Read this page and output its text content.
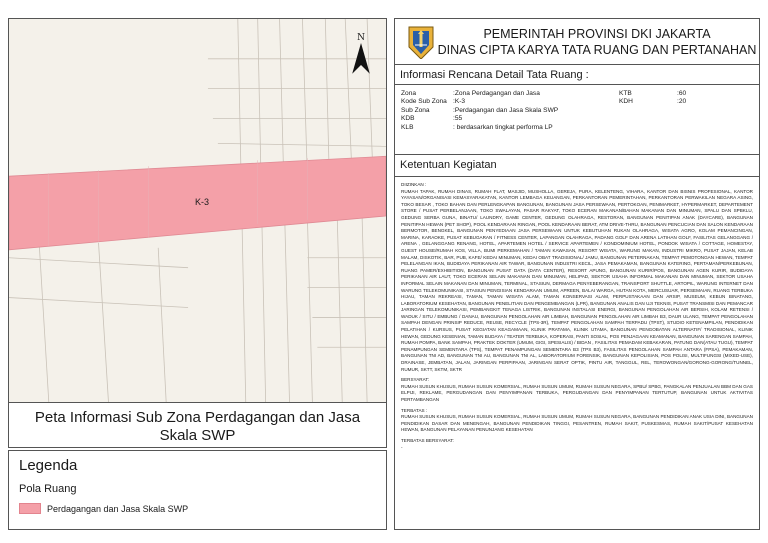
N
K-3
Peta Informasi Sub Zona Perdagangan dan Jasa Skala SWP
Legenda
Pola Ruang
Perdagangan dan Jasa Skala SWP
PEMERINTAH PROVINSI DKI JAKARTA
DINAS CIPTA KARYA TATA RUANG DAN PERTANAHAN
Informasi Rencana Detail Tata Ruang :
Zona	:Zona Perdagangan dan Jasa
Kode Sub Zona :K-3
Sub Zona	:Perdagangan dan Jasa Skala SWP
KDB	:55
KLB	: berdasarkan tingkat performa LP
KTB	:60
KDH	:20
Ketentuan Kegiatan

DIIZINKAN :

RUMAH TAPAK, RUMAH DINAS, RUMAH FLAT, MASJID, MUSHOLLA, GEREJA, PURA, KELENTENG, VIHARA, KANTOR DAN BISNIS PROFESIONAL, KANTOR YAYASAN/ORGANISASI KEMASYARAKATAN, KANTOR LEMBAGA KEUANGAN, PERKANTORAN PEMERINTAHAN, PERKANTORAN PERWAKILAN NEGARA ASING, TOKO BESAR , TOKO BAHAN DAN PERLENGKAPAN BANGUNAN, BANGUNAN JASA PERSEWAAN, PERTOKOAN, PENIMARKET, HYPERMARKET, DEPARTEMENT STORE / PUSAT PERBELANJAAN, TOKO SWALAYAN, PASAR RAKYAT, TOKO ECERAN MAKANAN/BAHAN MAKANAN DAN MINUMAN, SPALU DAN SPBKLU, GEDUNG SERBA GUNA, BINATU/ LAUNDRY, GAME CENTER, GEDUNG OLAHRAGA, RESTORAN, BANGUNAN PENITIPAN ANAK (DAYCARE), BANGUNAN PENITIPAN HEWAN (PET SHOP), POOL KENDARAAN RINGAN, POOL KENDARAAN BERAT, ATM DRIVE-THRU, BANGUNAN PENCUCIAN DAN SALON KENDARAAN BERMOTOR, BENGKEL, BANGUNAN PENYEDIAAN JASA PERSEWAAN UNTUK KEBUTUHAN RUKAN OLAHRAGA, WISATA AGRO, KOLAM PEMANCINGAN, MARINA, KARAOKE, PUSAT KEBUGARAN / FITNESS CENTER, LAPANGAN OLAHRAGA, PADANG GOLF DAN ARENA LATIHAN GOLF, FASILITAS GELANGGANG / ARENA , GELANGGANG RENANG, HOTEL, APARTEMEN HOTEL / SERVICE APARTEMEN / KONDOMINIUM HOTEL, PONDOK WISATA / COTTAGE, HOMESTAY, GUEST HOUSE/RUMAH KOS, VILLA, BUMI PERKEMAHAN / TAMAN KAWASAN, RESORT WISATA, WARUNG MAKAN, INDUSTRI MIKRO, PUSAT JAJAN, KELAB MALAM, DISKOTIK, BAR, PUB, KAFE/ KEDAI MINUMAN, KEDAI OBAT TRADISIONAL/ JAMU, BANGUNAN PETERNAKAN, TEMPAT PEMOTONGAN HEWAN, TEMPAT PELELANGAN IKAN, BUDIDAYA PERIKANAN AIR TAWAR, BANGUNAN INDUSTRI KECIL, JASA PEMAKAMAN, BANGUNAN KATERING, PERTAMAN/PERKEBUNAN, RUANG PAMER/EXHIBITION, BANGUNAN PUSAT DATA (DATA CENTER), RESORT APUNG, BANGUNAN KURIR/POS, BANGUNAN AGEN KURIR, BUDIDAYA PERIKANAN AIR LAUT, TOKO ECERAN SELAIN MAKANAN DAN MINUMAN, HELIPAD, SEKTOR USAHA INFORMAL MAKANAN DAN MINUMAN, SEKTOR USAHA INFORMAL SELAIN MAKANAN DAN MINUMAN, TERMINAL, STASIUN, DERMAGA PENYEBERANGAN, TRANSPORT SHUTTLE, ARTOPIL, WARUNG INTERNET DAN WARUNG TELEKOMUNIKASI, STASIUN PENGISIAN KENDARAAN UMUM, APREEN, BALAI WARGA, HUTAN KOTA, MERCUSUAR, PERSEMAIAN, RUANG TERBUKA HIJAU, TAMAN REKREASI, TAMAN, TAMAN WISATA ALAM, TAMAN KONSERVASI ALAM, PERPUSTAKAAN DAN ARSIP, MUSEUM, KEBUN BINATANG, LABORATORIUM KESEHATAN, BANGUNAN PENELITIAN DAN PENGEMBANGAN (LPR), BANGUNAN ANALIS DAN UJI TEKNIS, PUSAT TRANSMISI DAN PEMANCAR JARINGAN TELEKOMUNIKASI, PEMBANGKIT TENAGA LISTRIK, BANGUNAN INSTALASI ENERGI, BANGUNAN PENGOLAHAN AIR BERSIH, KOLAM RETENSI / WADUK / SITU / EMBUNG / DANAU, BANGUNAN PENGOLAHAN AIR LIMBAH, BANGUNAN PENGOLAHAN AIR LIMBAH B3, DAUR ULANG, TEMPAT PENGOLAHAN SAMPAH DENGAN PRINSIP REDUCE, REUSE, RECYCLE (TPS-3R), TEMPAT PENGOLAHAN SAMPAH TERPADU (TPST), STUDIO KETENAMPILAN, PENDIDIKAN PELATIHAN / KURSUS, PUSAT KEGIATAN KEAGAMAAN, KLINIK PRATAMA, KLINIK UTAMA, BANGUNAN PENGOBATAN ALTERNATIF/ TRADISIONAL, KLINIK HEWAN, GEDUNG KESENIAN, TAMAN BUDAYA / TEATER TERBUKA, KOPERASI, PANTI SOSIAL, POS PENJAGAAN KEAMANAN, BANGUNAN SARENGAN SAMPAH, RUMAH POMPA, BANK SAMPAH, PRAKTEK DOKTER (UMUM, GIGI, SPESIALIS) / BIDAN , FASILITAS PEMADAM KEBAKARAN, PATUNG DAN(ATAU TUGU), TEMPAT PENAMPUNGAN SEMENTARA (TPS), TEMPAT PENAMPUNGAN SEMENTARA B3 (TPS B3), FASILITAS PENGOLAHAN SAMPAH ANTARA (FPSA), PEMAKAMAN, BANGUNAN TNI AD, BANGUNAN TNI AU, BANGUNAN TNI AL, LABORATORIUM FORENSIK, BANGUNAN KEPOLISIAN, POS POLISI, MULTIFUNGSI (MIXED-USE), DRAINASE, JEMBATAN, JALAN, JARINGAN PERPIPAAN, JARINGAN SERAT OPTIK, PINTU AIR, TANGGUL, REL, TEROWONGAN/GORONG-GORONG/TUNNEL, RUMUR, SKTT, SKTM, SKTR

BERSYARAT:

RUMAH SUSUN KHUSUS, RUMAH SUSUN KOMERSIAL, RUMAH SUSUN UMUM, RUMAH SUSUN NEGARA, SPBU/ SPBG, PANGKALAN PENJUALAN BBM DAN GAS ELPIJI, REKLAME, PERGUDANGAN DAN PENYIMPANAN TERBUKA, PERGUDANGAN DAN PENYIMPANAN TERTUTUP, BANGUNAN UNTUK AKTIVITAS PERTAMBANGAN

TERBATAS :

RUMAH SUSUN KHUSUS, RUMAH SUSUN KOMERSIAL, RUMAH SUSUN UMUM, RUMAH SUSUN NEGARA, BANGUNAN PENDIDIKAN ANAK USIA DINI, BANGUNAN PENDIDIKAN DASAR DAN MENENGAH, BANGUNAN PENDIDIKAN TINGGI, PESANTREN, RUMAH SAKIT, PUSKESMAS, RUMAH SAKIT/PUSAT KESEHATAN HEWAN, BANGUNAN PELAYANAN PENUNJANG KESEHATAN

TERBATAS BERSYARAT:

-
